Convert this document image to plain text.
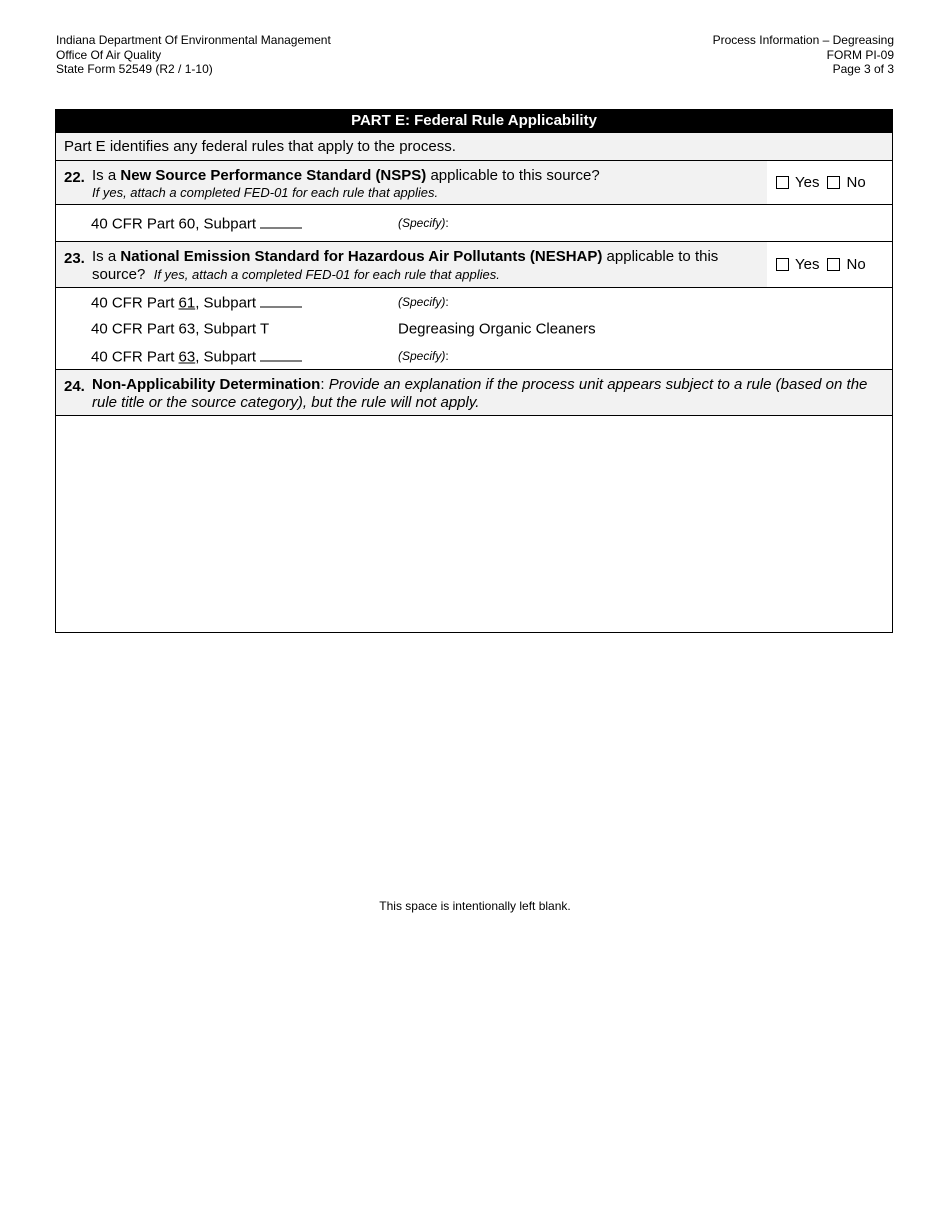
Indiana Department Of Environmental Management
Office Of Air Quality
State Form 52549 (R2 / 1-10)
Process Information – Degreasing
FORM PI-09
Page 3 of 3
PART E: Federal Rule Applicability
Part E identifies any federal rules that apply to the process.
22. Is a New Source Performance Standard (NSPS) applicable to this source?
If yes, attach a completed FED-01 for each rule that applies.
Yes No
40 CFR Part 60, Subpart	(Specify):
23. Is a National Emission Standard for Hazardous Air Pollutants (NESHAP) applicable to this
source? If yes, attach a completed FED-01 for each rule that applies.
Yes No
40 CFR Part 61, Subpart	(Specify):
40 CFR Part 63, Subpart T	Degreasing Organic Cleaners
40 CFR Part 63, Subpart	(Specify):
24. Non-Applicability Determination: Provide an explanation if the process unit appears subject to a rule (based on the rule title or the source category), but the rule will not apply.
This space is intentionally left blank.
